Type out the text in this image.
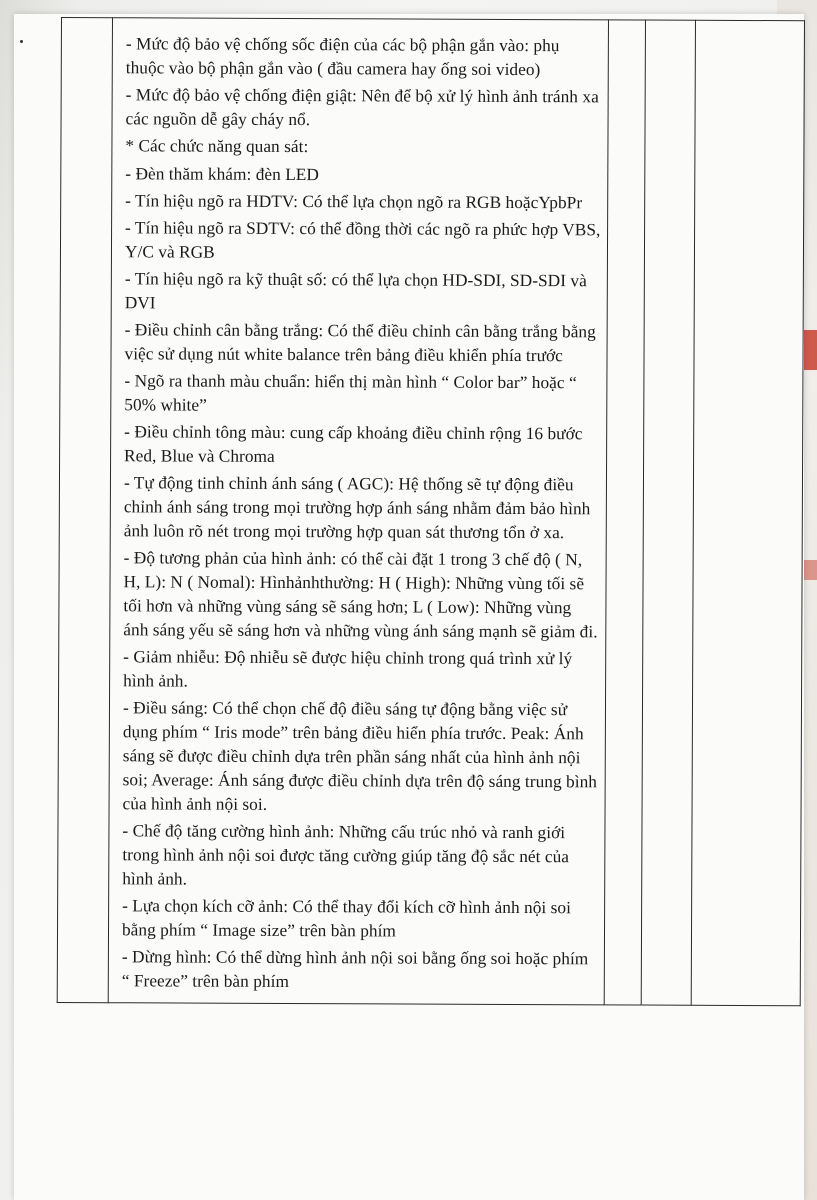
- Mức độ bảo vệ chống sốc điện của các bộ phận gắn vào: phụ thuộc vào bộ phận gắn vào ( đầu camera hay ống soi video)
- Mức độ bảo vệ chống điện giật: Nên để bộ xử lý hình ảnh tránh xa các nguồn dễ gây cháy nổ.
* Các chức năng quan sát:
- Đèn thăm khám: đèn LED
- Tín hiệu ngõ ra HDTV: Có thể lựa chọn ngõ ra RGB hoặcYpbPr
- Tín hiệu ngõ ra SDTV: có thể đồng thời các ngõ ra phức hợp VBS, Y/C và RGB
- Tín hiệu ngõ ra kỹ thuật số: có thể lựa chọn HD-SDI, SD-SDI và DVI
- Điều chỉnh cân bằng trắng: Có thể điều chỉnh cân bằng trắng bằng việc sử dụng nút white balance trên bảng điều khiển phía trước
- Ngõ ra thanh màu chuẩn: hiển thị màn hình “ Color bar” hoặc “ 50% white”
- Điều chỉnh tông màu: cung cấp khoảng điều chỉnh rộng 16 bước Red, Blue và Chroma
- Tự động tinh chỉnh ánh sáng ( AGC): Hệ thống sẽ tự động điều chỉnh ánh sáng trong mọi trường hợp ánh sáng nhằm đảm bảo hình ảnh luôn rõ nét trong mọi trường hợp quan sát thương tổn ở xa.
- Độ tương phản của hình ảnh: có thể cài đặt 1 trong 3 chế độ ( N, H, L): N ( Nomal): Hìnhảnhthường: H ( High): Những vùng tối sẽ tối hơn và những vùng sáng sẽ sáng hơn; L ( Low): Những vùng ánh sáng yếu sẽ sáng hơn và những vùng ánh sáng mạnh sẽ giảm đi.
- Giảm nhiễu: Độ nhiễu sẽ được hiệu chỉnh trong quá trình xử lý hình ảnh.
- Điều sáng: Có thể chọn chế độ điều sáng tự động bằng việc sử dụng phím “ Iris mode” trên bảng điều hiển phía trước. Peak: Ánh sáng sẽ được điều chỉnh dựa trên phần sáng nhất của hình ảnh nội soi; Average: Ánh sáng được điều chỉnh dựa trên độ sáng trung bình của hình ảnh nội soi.
- Chế độ tăng cường hình ảnh: Những cấu trúc nhỏ và ranh giới trong hình ảnh nội soi được tăng cường giúp tăng độ sắc nét của hình ảnh.
- Lựa chọn kích cỡ ảnh: Có thể thay đổi kích cỡ hình ảnh nội soi bằng phím “ Image size” trên bàn phím
- Dừng hình: Có thể dừng hình ảnh nội soi bằng ống soi hoặc phím “ Freeze” trên bàn phím
